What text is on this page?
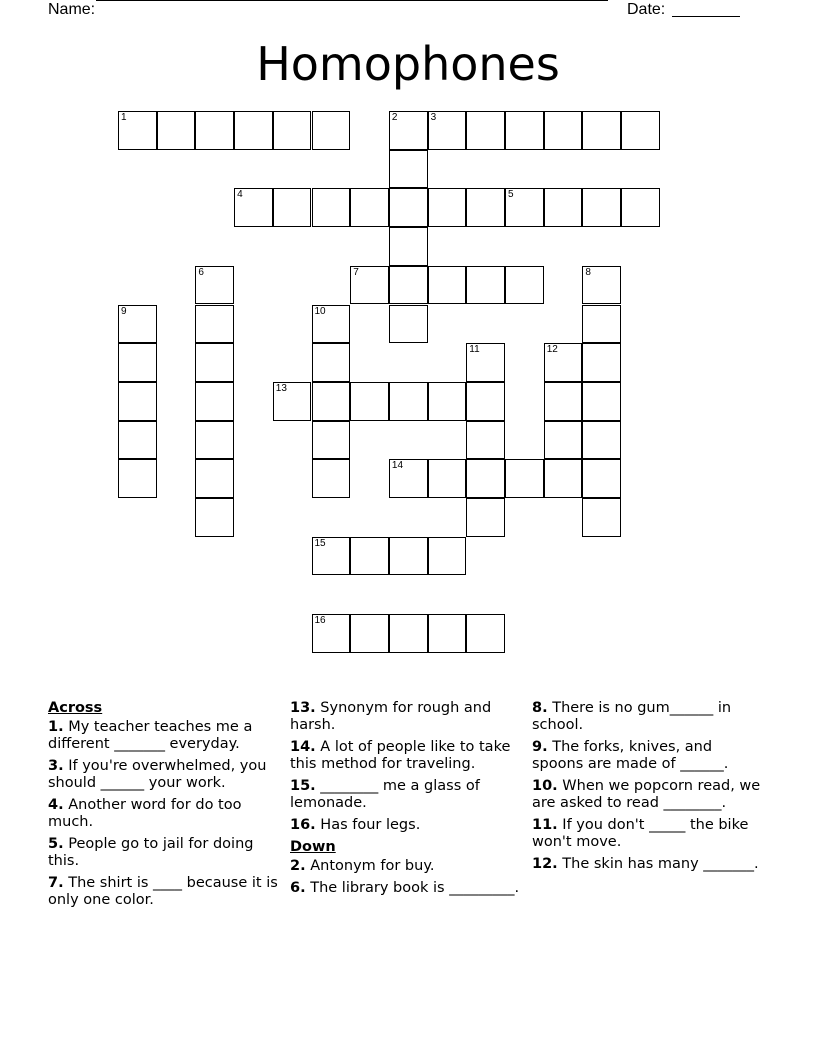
Name:	Date:
Homophones
1	2	3
4	5
6	7	8
9	10
11	12
13
14
15
16
Across
1. My teacher teaches me a different _______ everyday.
3. If you're overwhelmed, you should ______ your work.
4. Another word for do too much.
5. People go to jail for doing this.
7. The shirt is ____ because it is only one color.
13. Synonym for rough and harsh.
14. A lot of people like to take this method for traveling.
15. ________ me a glass of lemonade.
16. Has four legs.
Down
2. Antonym for buy.
6. The library book is _________.
8. There is no gum______ in school.
9. The forks, knives, and spoons are made of ______.
10. When we popcorn read, we are asked to read ________.
11. If you don't _____ the bike won't move.
12. The skin has many _______.
